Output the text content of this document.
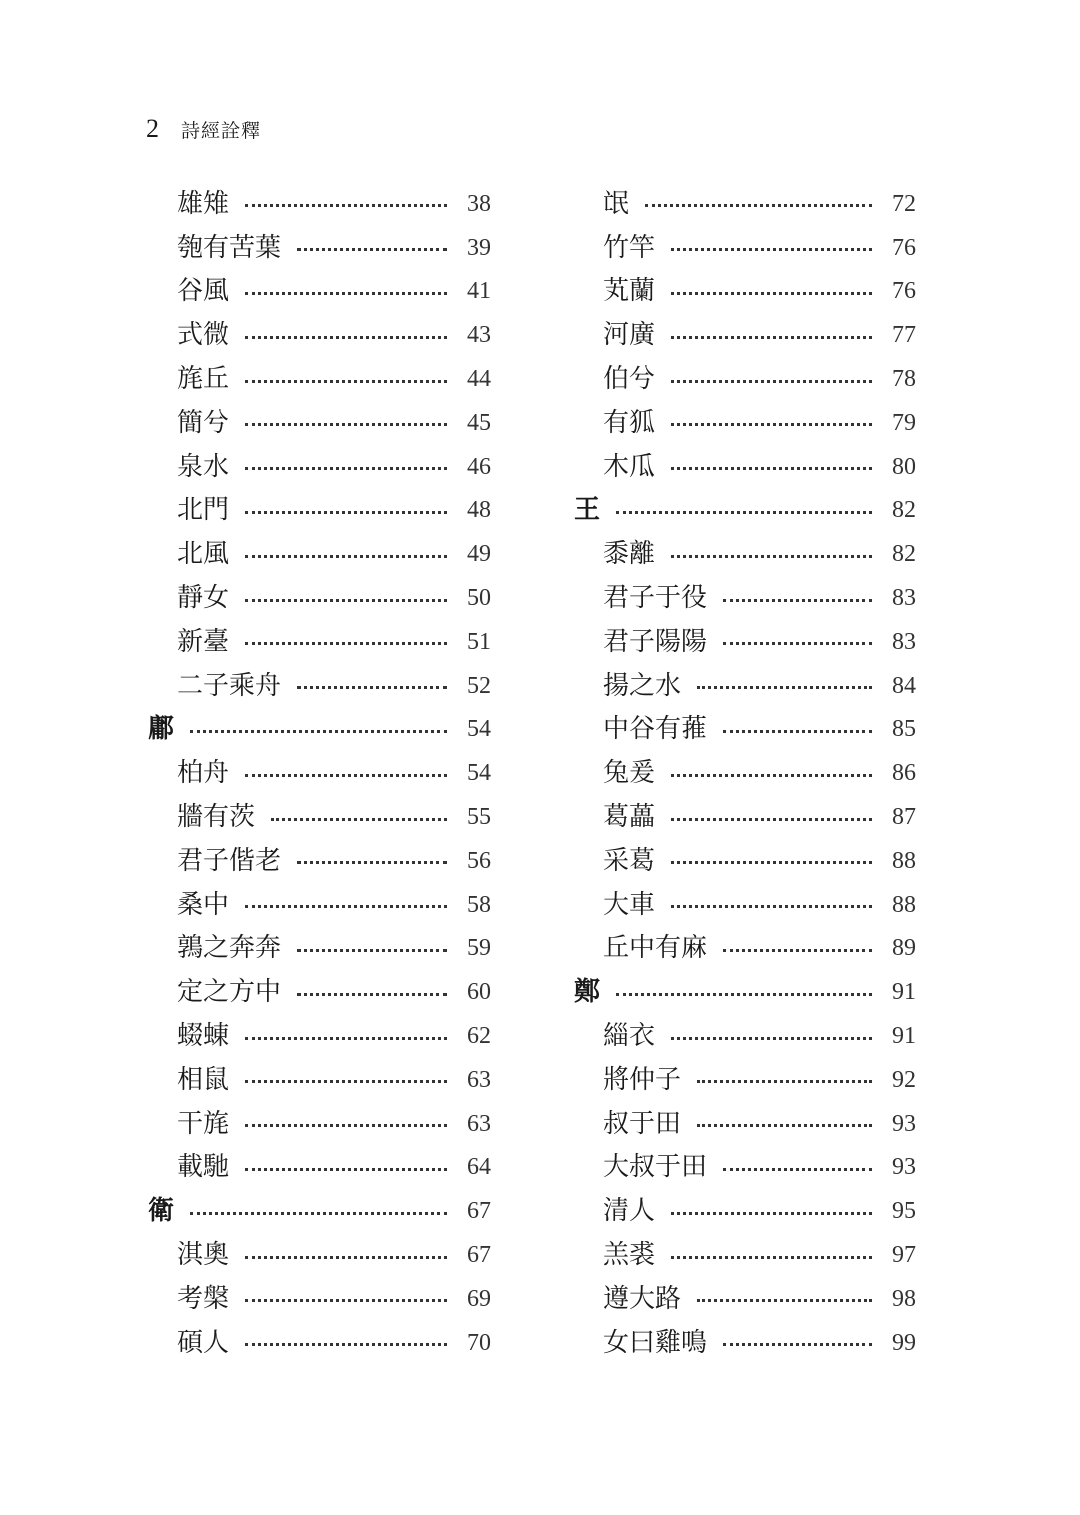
2 詩經詮釋
雄雉	38
匏有苦葉	39
谷風	41
式微	43
旄丘	44
簡兮	45
泉水	46
北門	48
北風	49
靜女	50
新臺	51
二子乘舟	52
鄘	54
柏舟	54
牆有茨	55
君子偕老	56
桑中	58
鶉之奔奔	59
定之方中	60
蝃蝀	62
相鼠	63
干旄	63
載馳	64
衛	67
淇奧	67
考槃	69
碩人	70
氓	72
竹竿	76
芄蘭	76
河廣	77
伯兮	78
有狐	79
木瓜	80
王	82
黍離	82
君子于役	83
君子陽陽	83
揚之水	84
中谷有蓷	85
兔爰	86
葛藟	87
采葛	88
大車	88
丘中有麻	89
鄭	91
緇衣	91
將仲子	92
叔于田	93
大叔于田	93
清人	95
羔裘	97
遵大路	98
女曰雞鳴	99
